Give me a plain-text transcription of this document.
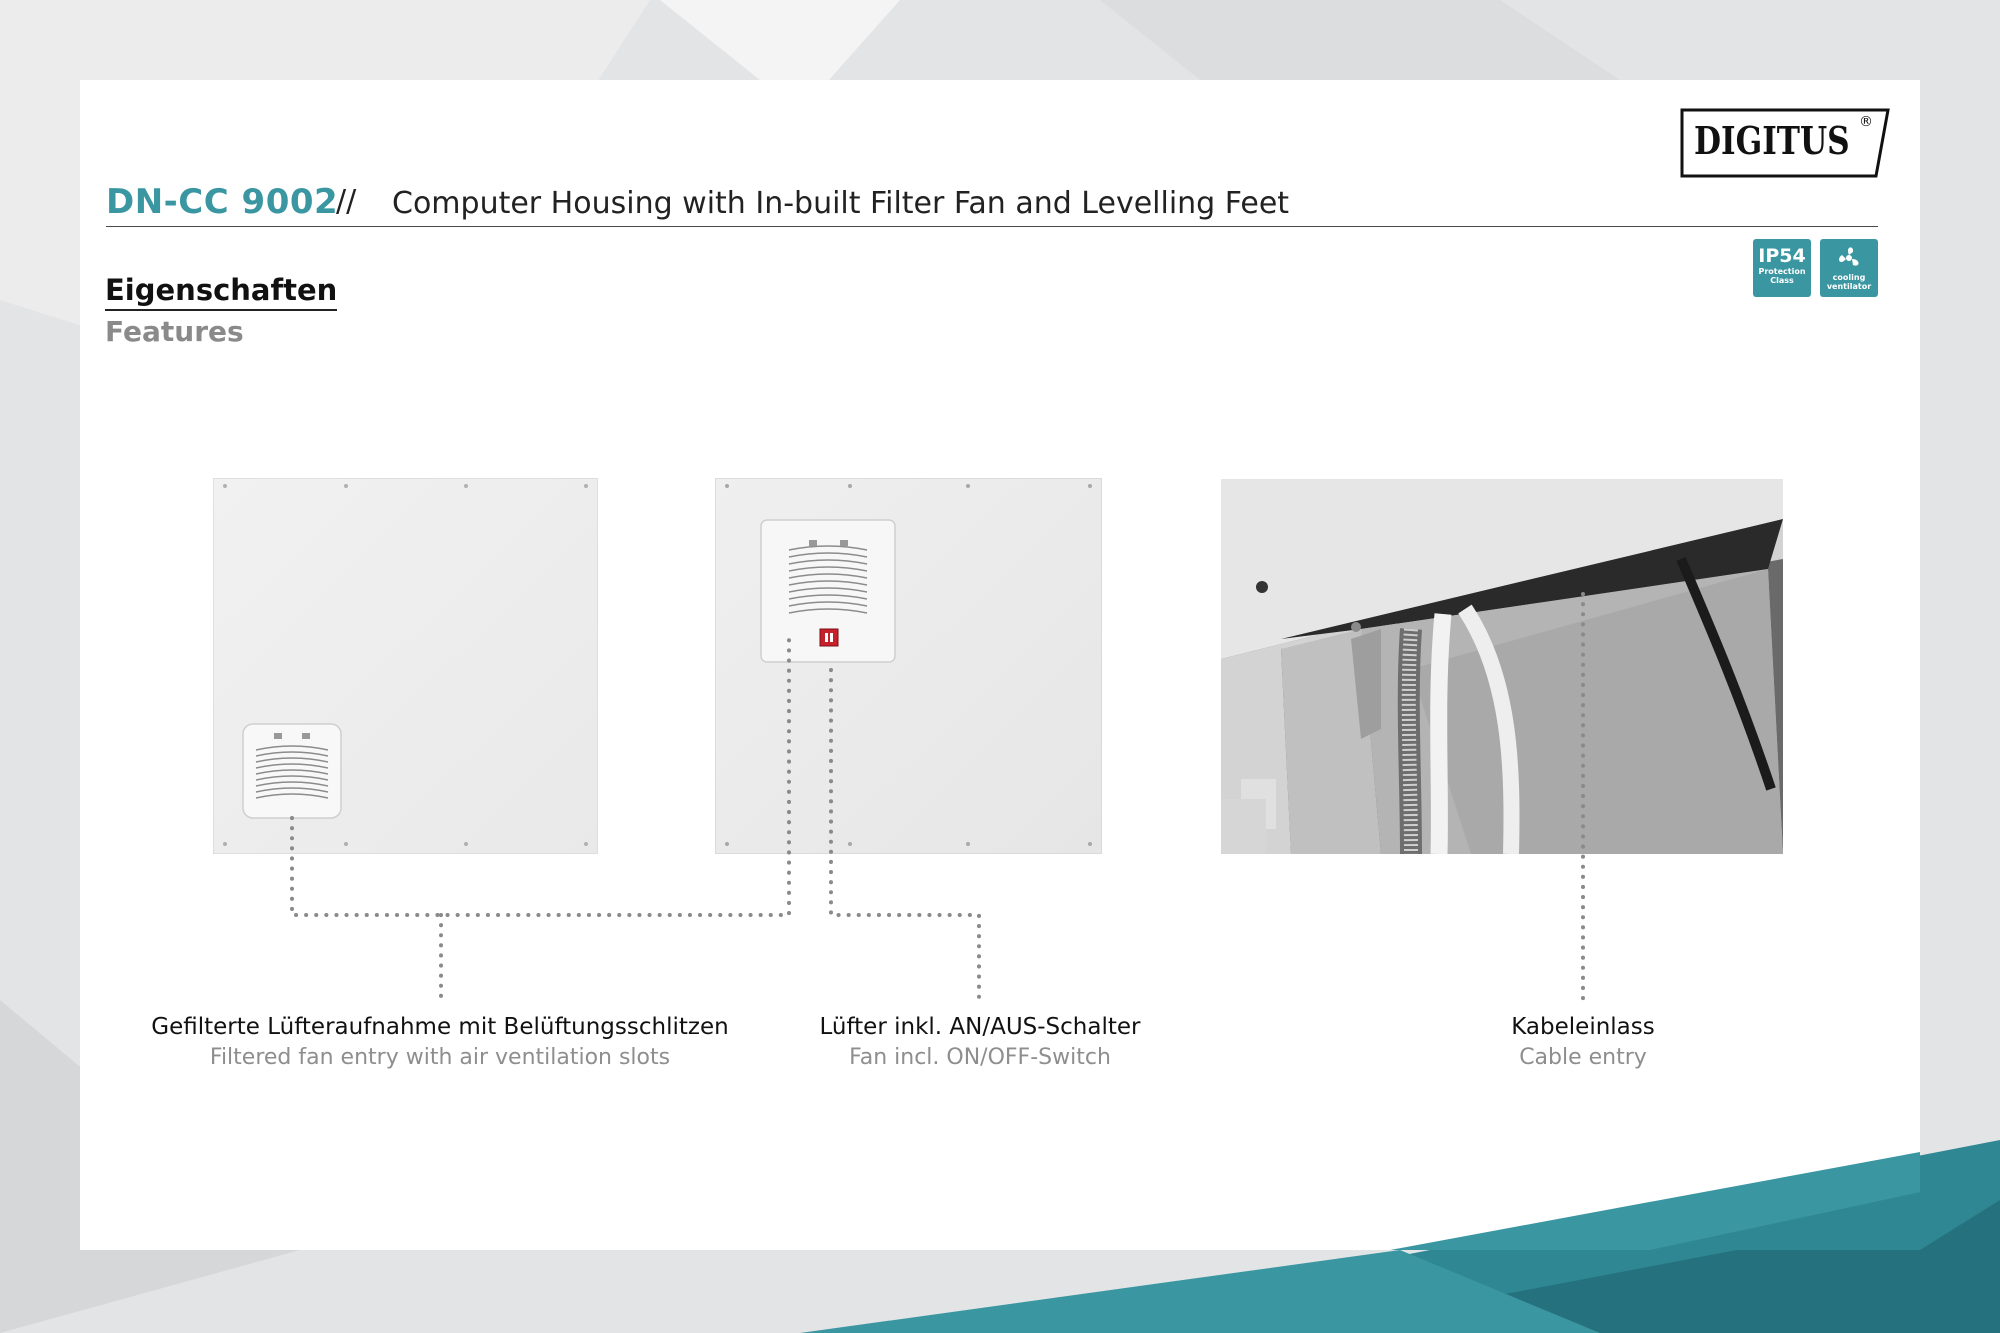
DIGITUS ®
DN-CC 9002
// Computer Housing with In-built Filter Fan and Levelling Feet
IP54
Protection
Class	cooling
ventilator
Eigenschaften
Features
Gefilterte Lüfteraufnahme mit Belüftungsschlitzen
Filtered fan entry with air ventilation slots
Lüfter inkl. AN/AUS-Schalter
Fan incl. ON/OFF-Switch
Kabeleinlass
Cable entry
